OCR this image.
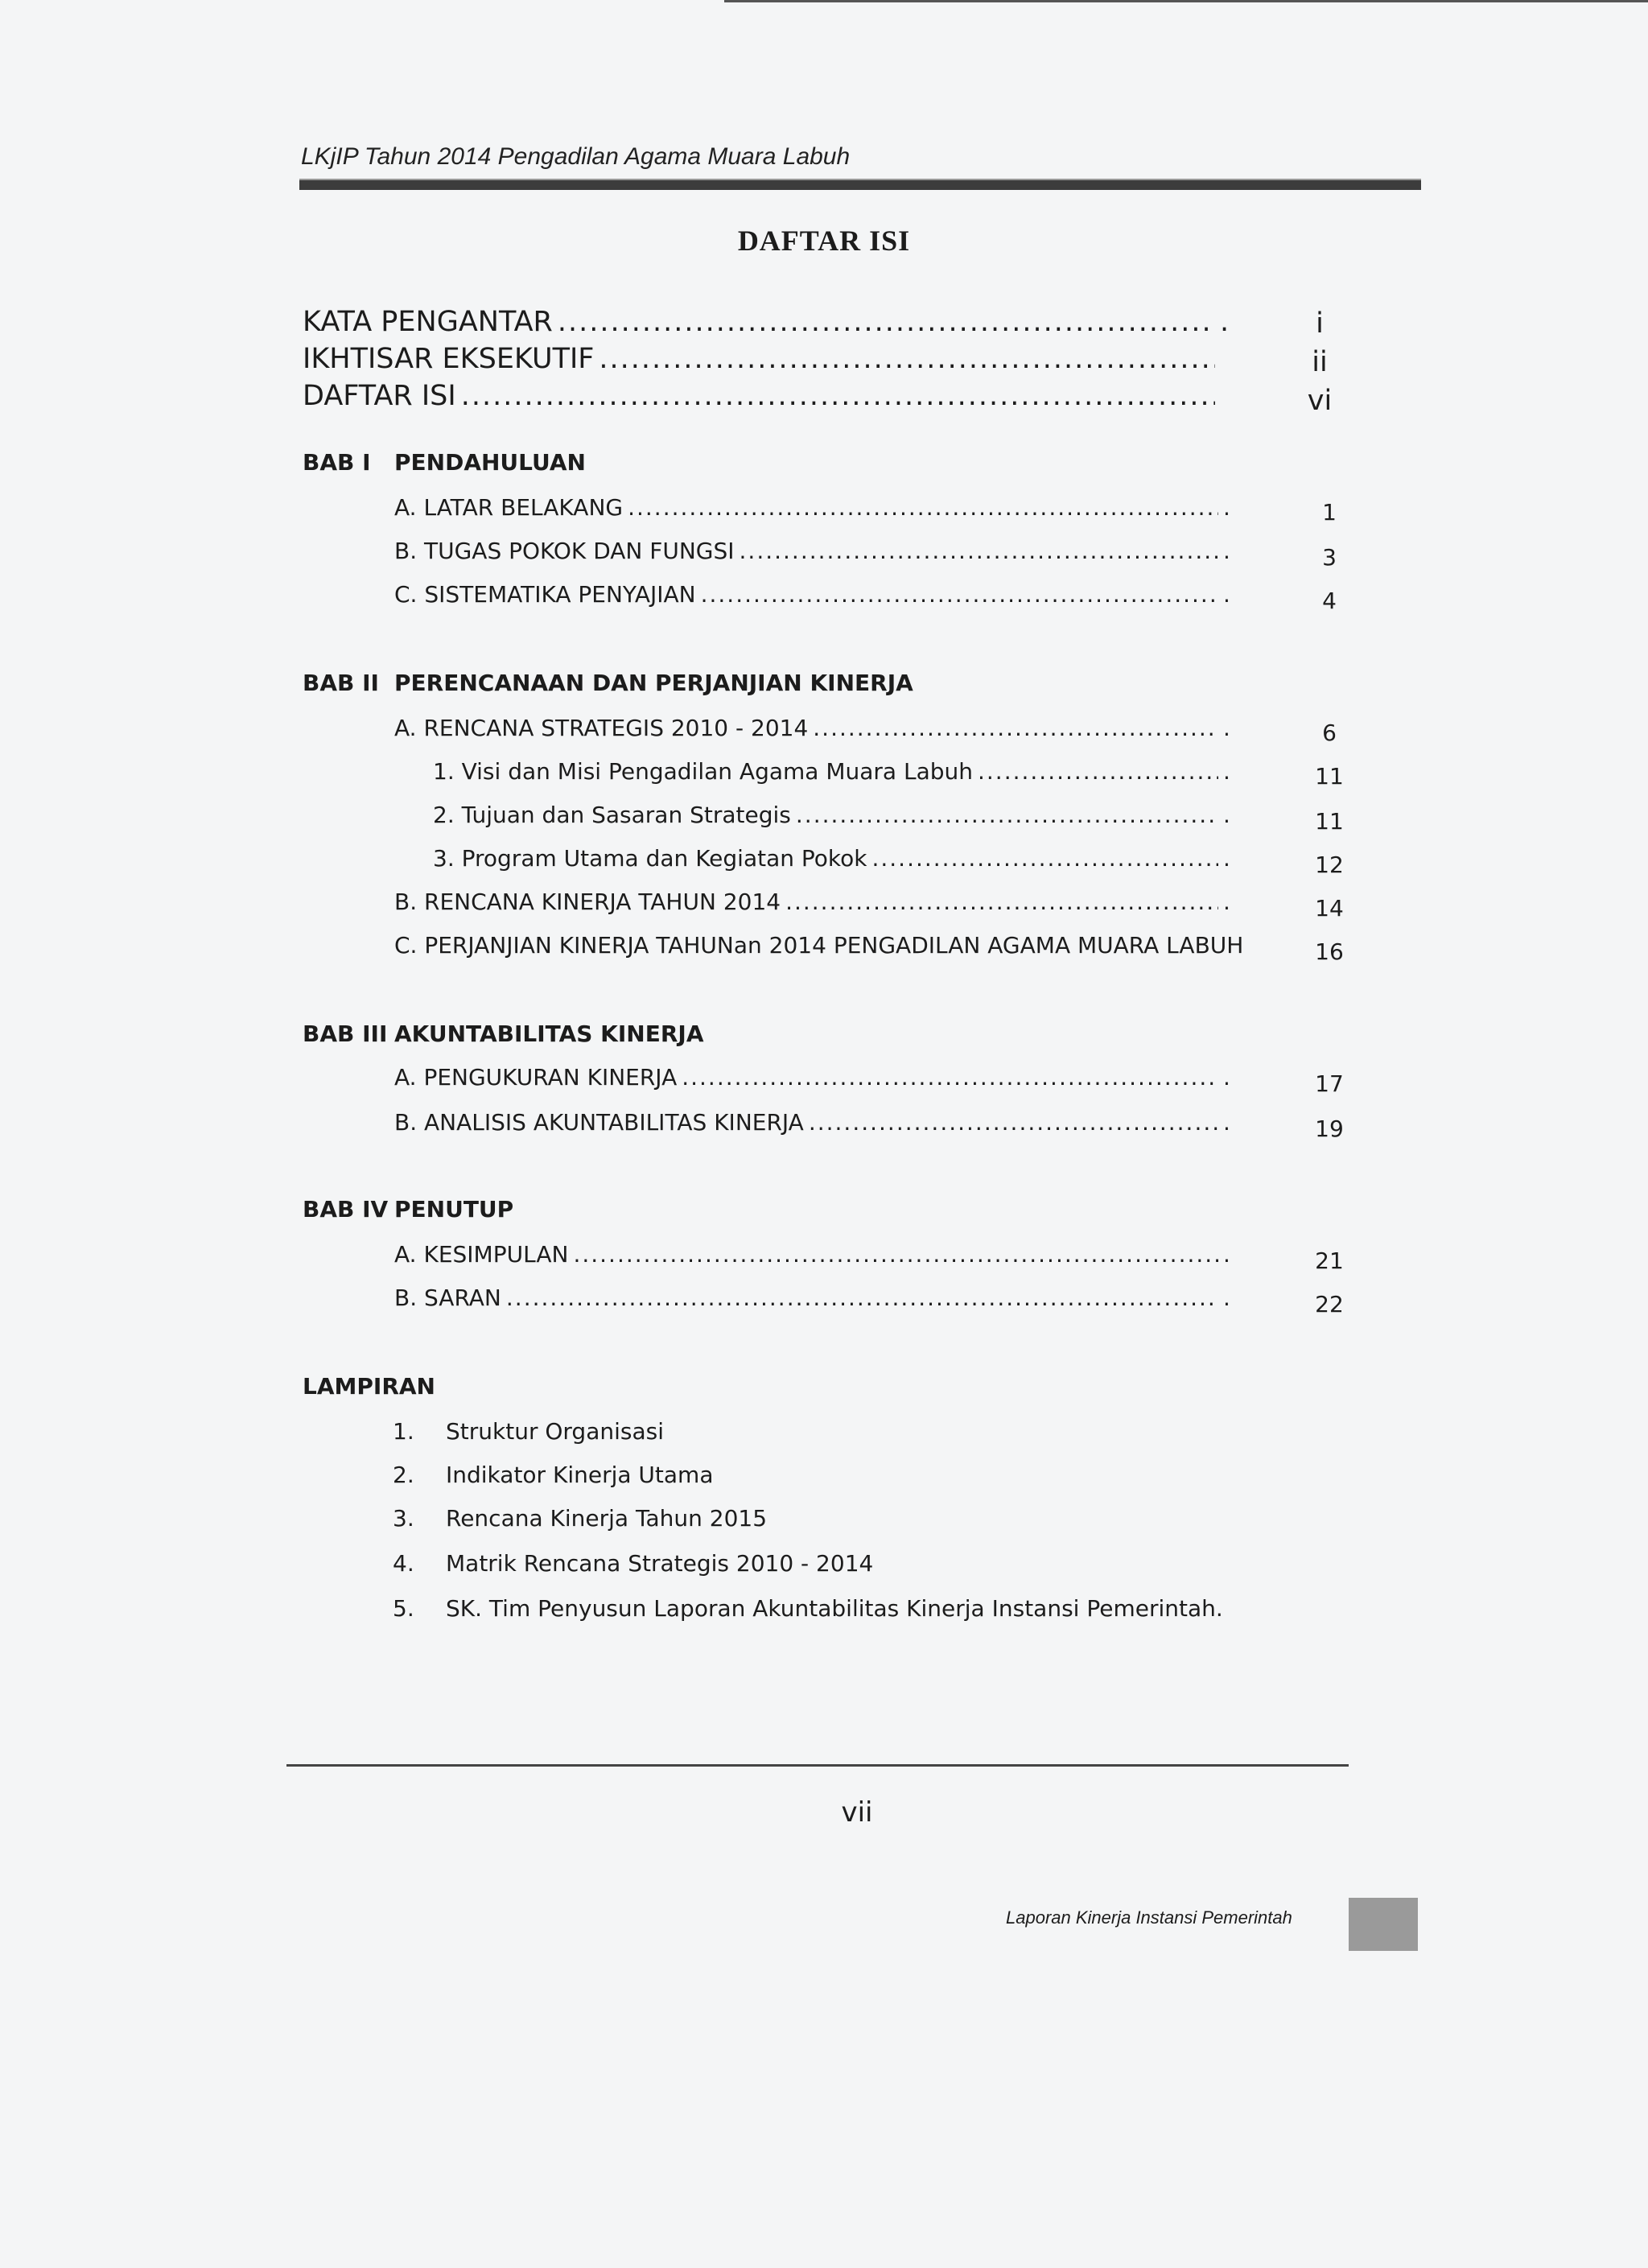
LKjIP Tahun 2014 Pengadilan Agama Muara Labuh
DAFTAR ISI
KATA PENGANTAR .....	.	i
IKHTISAR EKSEKUTIF .....	ii
DAFTAR ISI .....	vi
BAB I PENDAHULUAN
A. LATAR BELAKANG .....	.	1
B. TUGAS POKOK DAN FUNGSI .....	.	3
C. SISTEMATIKA PENYAJIAN .....	.	4
BAB II PERENCANAAN DAN PERJANJIAN KINERJA
A. RENCANA STRATEGIS 2010 - 2014 .....	.	6
1. Visi dan Misi Pengadilan Agama Muara Labuh .....	.	11
2. Tujuan dan Sasaran Strategis .....	.	11
3. Program Utama dan Kegiatan Pokok .....	.	12
B. RENCANA KINERJA TAHUN 2014 .....	.	14
C. PERJANJIAN KINERJA TAHUNan 2014 PENGADILAN AGAMA MUARA LABUH	16
BAB III AKUNTABILITAS KINERJA
A. PENGUKURAN KINERJA .....	.	17
B. ANALISIS AKUNTABILITAS KINERJA .....	.	19
BAB IV PENUTUP
A. KESIMPULAN .....	.	21
B. SARAN .....	.	22
LAMPIRAN
1. Struktur Organisasi
2. Indikator Kinerja Utama
3. Rencana Kinerja Tahun 2015
4. Matrik Rencana Strategis 2010 - 2014
5. SK. Tim Penyusun Laporan Akuntabilitas Kinerja Instansi Pemerintah.
vii
Laporan Kinerja Instansi Pemerintah
